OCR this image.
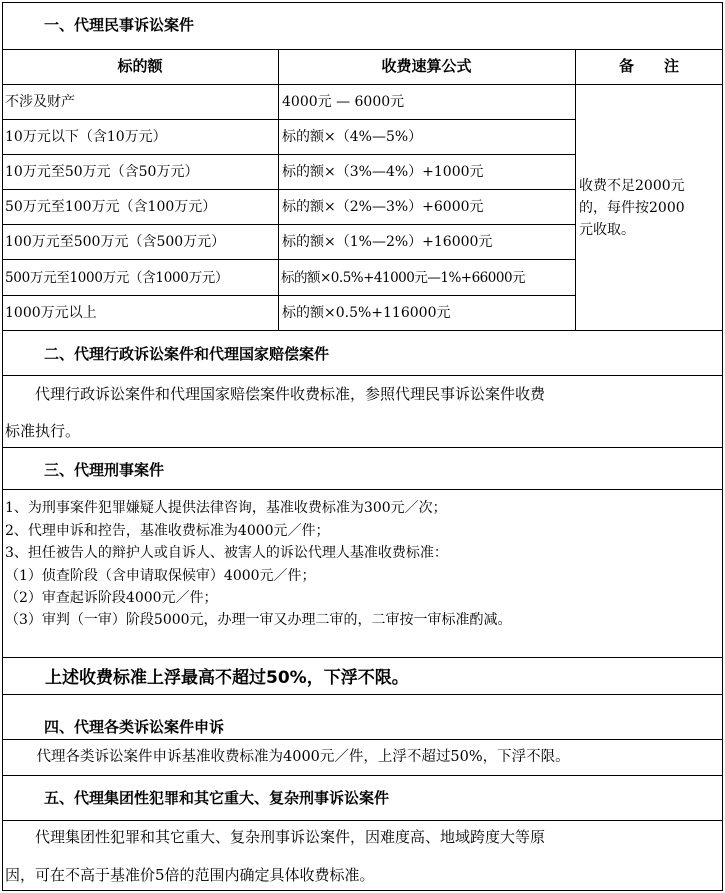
一、代理民事诉讼案件
标的额	收费速算公式	备　　注
不涉及财产	4000元 — 6000元
10万元以下（含10万元）	标的额×（4%—5%）
10万元至50万元（含50万元）	标的额×（3%—4%）+1000元
50万元至100万元（含100万元）	标的额×（2%—3%）+6000元
100万元至500万元（含500万元）	标的额×（1%—2%）+16000元
500万元至1000万元（含1000万元）	标的额×0.5%+41000元—1%+66000元
1000万元以上	标的额×0.5%+116000元
收费不足2000元
的，每件按2000
元收取。
二、代理行政诉讼案件和代理国家赔偿案件
　　代理行政诉讼案件和代理国家赔偿案件收费标准，参照代理民事诉讼案件收费
标准执行。
三、代理刑事案件
1、为刑事案件犯罪嫌疑人提供法律咨询，基准收费标准为300元／次；
2、代理申诉和控告，基准收费标准为4000元／件；
3、担任被告人的辩护人或自诉人、被害人的诉讼代理人基准收费标准：
（1）侦查阶段（含申请取保候审）4000元／件；
（2）审查起诉阶段4000元／件；
（3）审判（一审）阶段5000元，办理一审又办理二审的，二审按一审标准酌减。
　上述收费标准上浮最高不超过50%，下浮不限。
四、代理各类诉讼案件申诉
　代理各类诉讼案件申诉基准收费标准为4000元／件，上浮不超过50%，下浮不限。
五、代理集团性犯罪和其它重大、复杂刑事诉讼案件
　　代理集团性犯罪和其它重大、复杂刑事诉讼案件，因难度高、地域跨度大等原
因，可在不高于基准价5倍的范围内确定具体收费标准。
